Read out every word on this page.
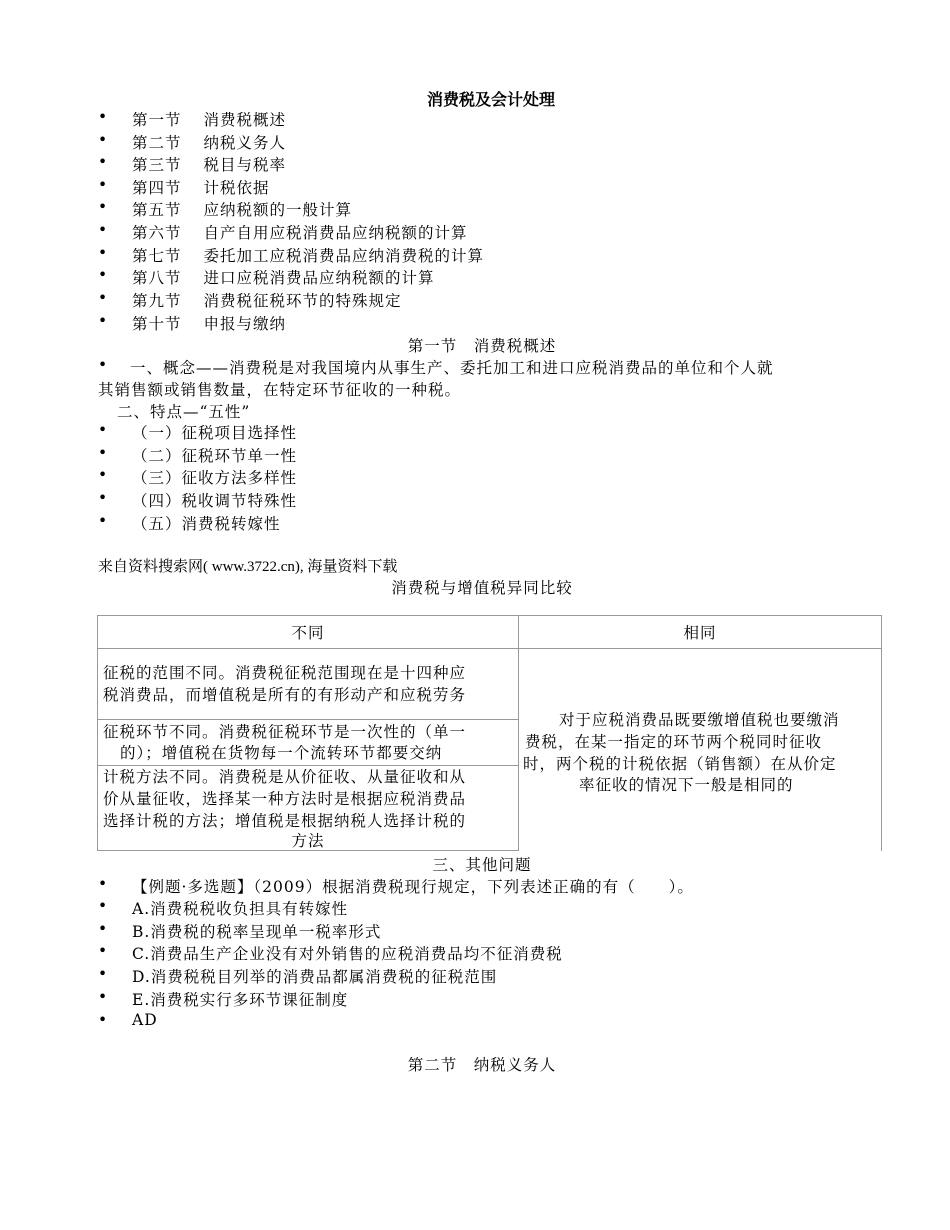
消费税及会计处理
• 第一节 消费税概述
• 第二节 纳税义务人
• 第三节 税目与税率
• 第四节 计税依据
• 第五节 应纳税额的一般计算
• 第六节 自产自用应税消费品应纳税额的计算
• 第七节 委托加工应税消费品应纳消费税的计算
• 第八节 进口应税消费品应纳税额的计算
• 第九节 消费税征税环节的特殊规定
• 第十节 申报与缴纳
第一节　消费税概述
• 一、概念——消费税是对我国境内从事生产、委托加工和进口应税消费品的单位和个人就
其销售额或销售数量，在特定环节征收的一种税。
二、特点—“五性”
• （一）征税项目选择性
• （二）征税环节单一性
• （三）征收方法多样性
• （四）税收调节特殊性
• （五）消费税转嫁性
来自资料搜索网( www.3722.cn), 海量资料下载
消费税与增值税异同比较
不同	相同
征税的范围不同。消费税征税范围现在是十四种应
税消费品，而增值税是所有的有形动产和应税劳务
征税环节不同。消费税征税环节是一次性的（单一
的）；增值税在货物每一个流转环节都要交纳
计税方法不同。消费税是从价征收、从量征收和从
价从量征收，选择某一种方法时是根据应税消费品
选择计税的方法；增值税是根据纳税人选择计税的
方法
对于应税消费品既要缴增值税也要缴消
费税，在某一指定的环节两个税同时征收
时，两个税的计税依据（销售额）在从价定
率征收的情况下一般是相同的
三、其他问题
• 【例题·多选题】（2009）根据消费税现行规定，下列表述正确的有（　　）。
• A.消费税税收负担具有转嫁性
• B.消费税的税率呈现单一税率形式
• C.消费品生产企业没有对外销售的应税消费品均不征消费税
• D.消费税税目列举的消费品都属消费税的征税范围
• E.消费税实行多环节课征制度
• AD
第二节　纳税义务人
